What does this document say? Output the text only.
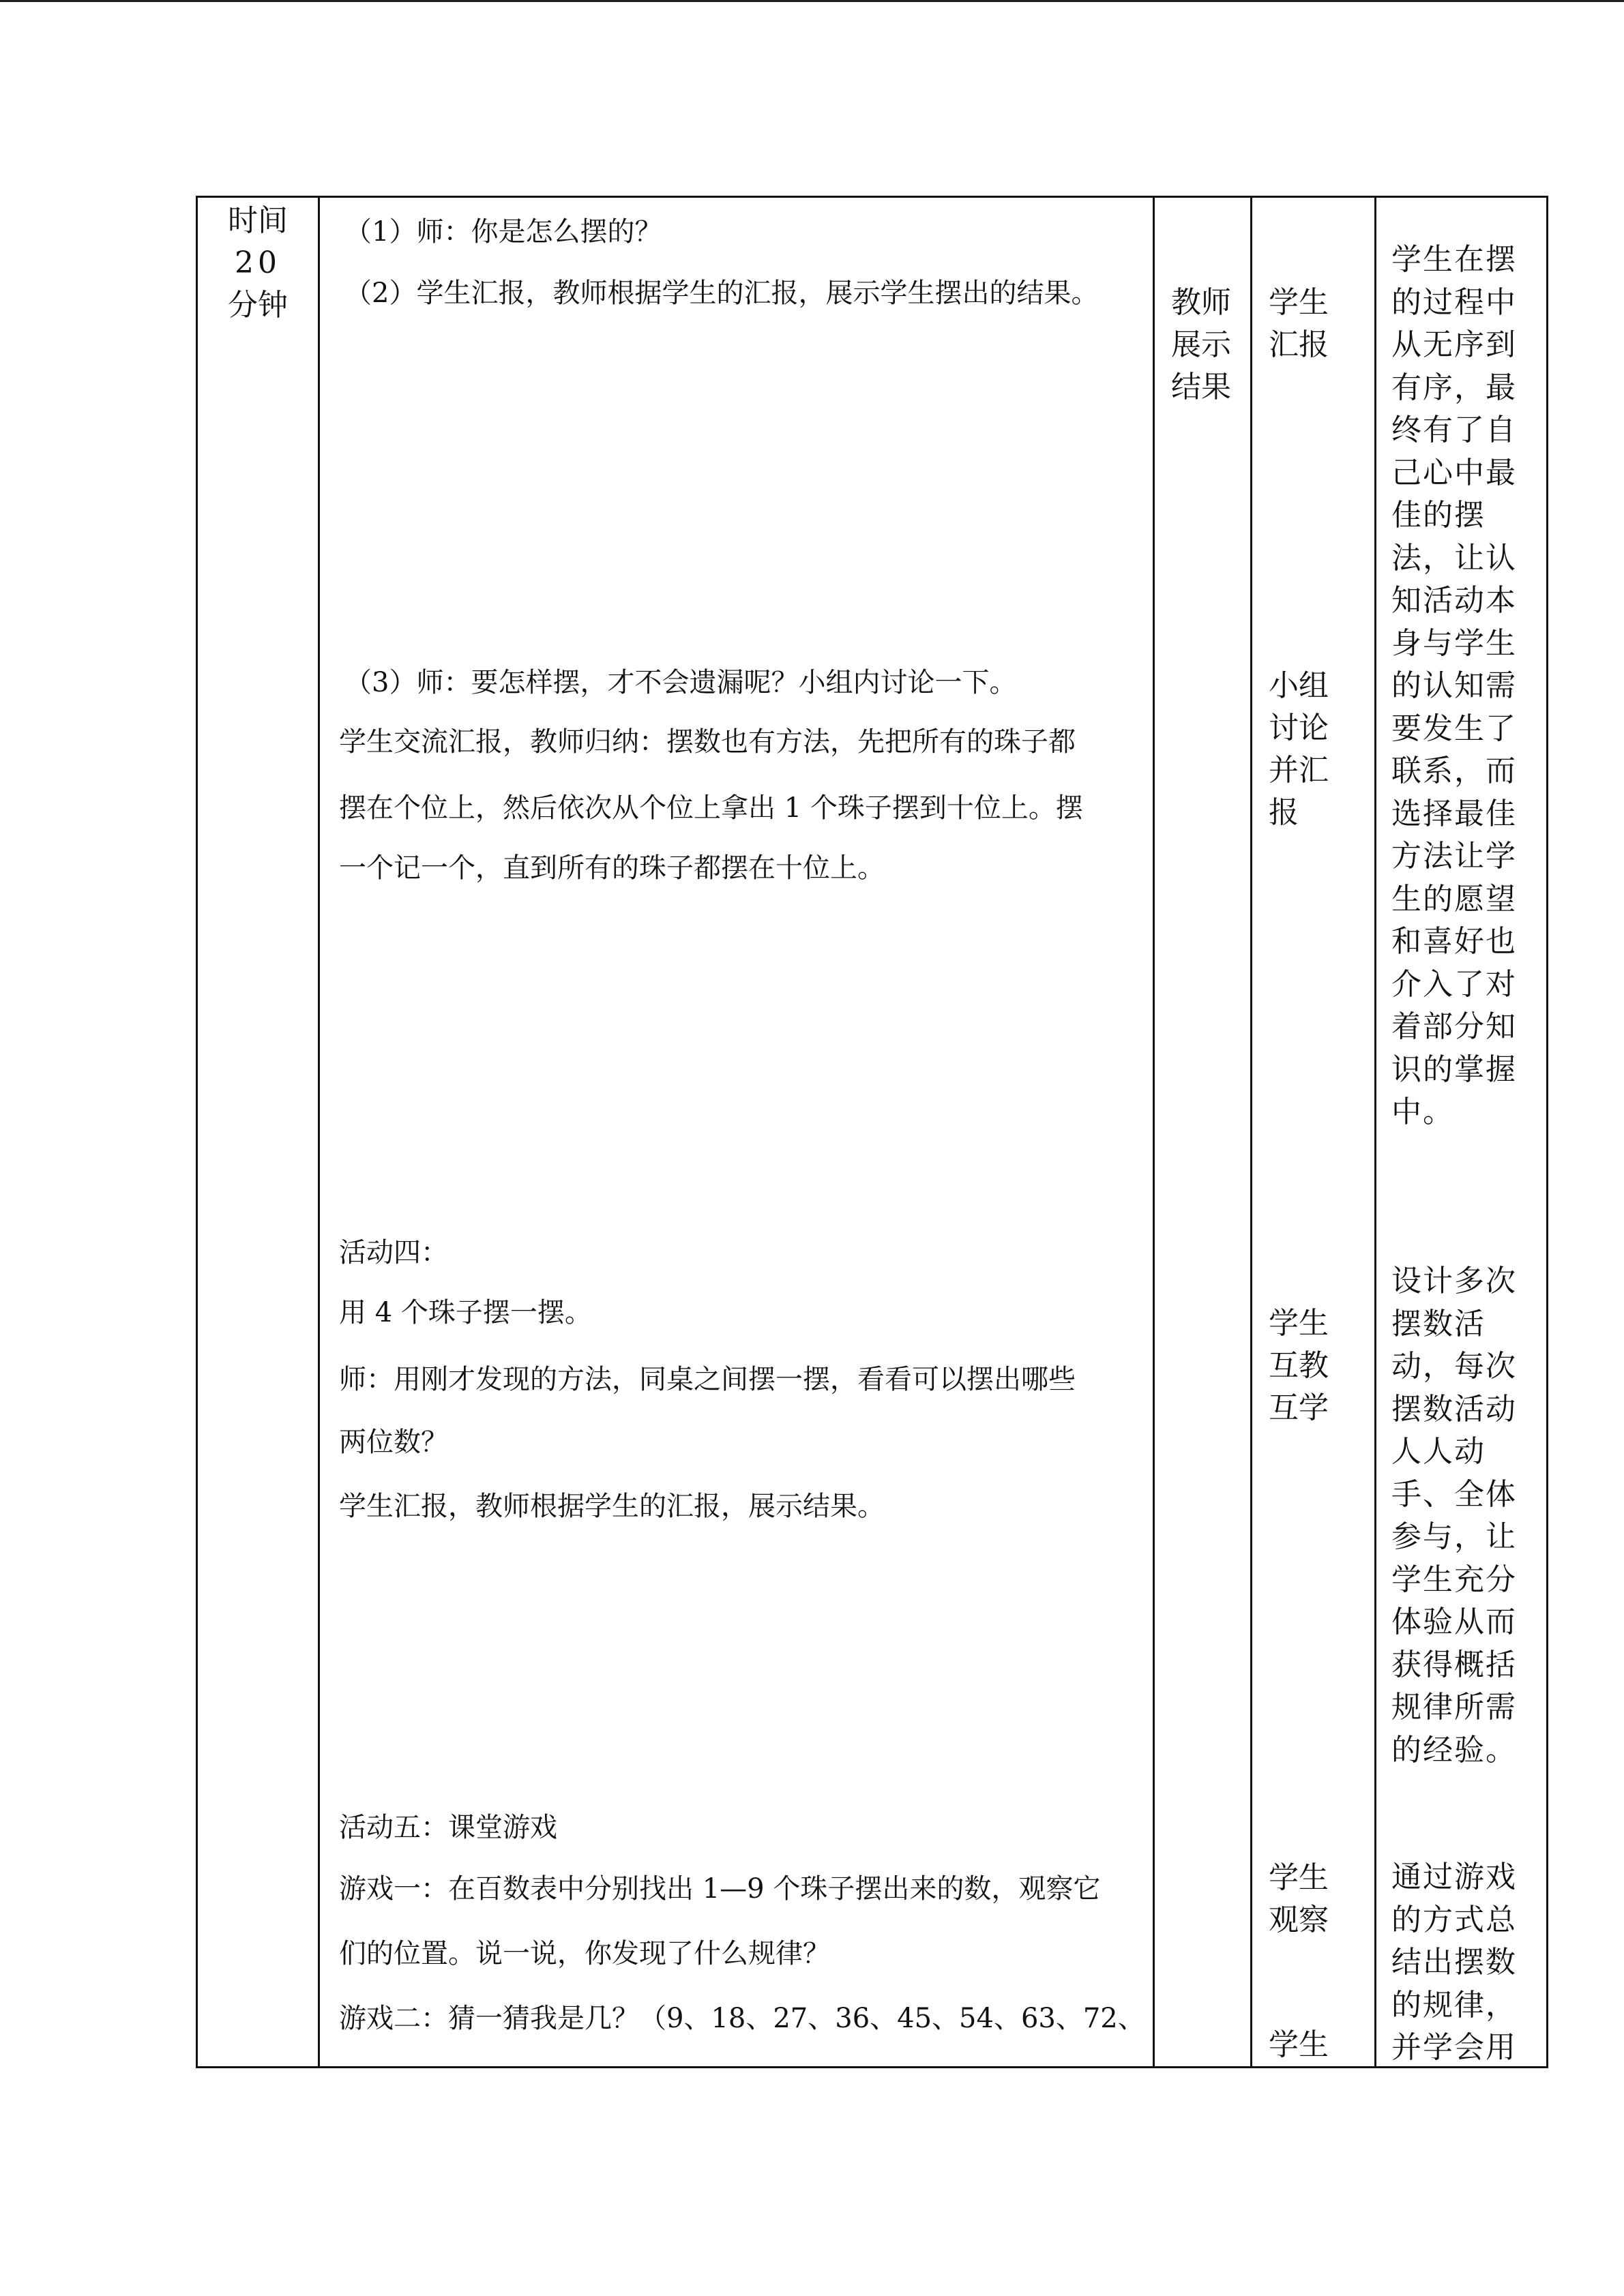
时间
20
分钟
（1）师：你是怎么摆的？
（2）学生汇报，教师根据学生的汇报，展示学生摆出的结果。
（3）师：要怎样摆，才不会遗漏呢？小组内讨论一下。
学生交流汇报，教师归纳：摆数也有方法，先把所有的珠子都
摆在个位上，然后依次从个位上拿出 1 个珠子摆到十位上。摆
一个记一个，直到所有的珠子都摆在十位上。
活动四：
用 4 个珠子摆一摆。
师：用刚才发现的方法，同桌之间摆一摆，看看可以摆出哪些
两位数？
学生汇报，教师根据学生的汇报，展示结果。
活动五：课堂游戏
游戏一：在百数表中分别找出 1—9 个珠子摆出来的数，观察它
们的位置。说一说，你发现了什么规律？
游戏二：猜一猜我是几？（9、18、27、36、45、54、63、72、
教师
展示
结果
学生
汇报
小组
讨论
并汇
报
学生
互教
互学
学生
观察
学生
学生在摆
的过程中
从无序到
有序，最
终有了自
己心中最
佳的摆
法，让认
知活动本
身与学生
的认知需
要发生了
联系，而
选择最佳
方法让学
生的愿望
和喜好也
介入了对
着部分知
识的掌握
中。
设计多次
摆数活
动，每次
摆数活动
人人动
手、全体
参与，让
学生充分
体验从而
获得概括
规律所需
的经验。
通过游戏
的方式总
结出摆数
的规律，
并学会用
